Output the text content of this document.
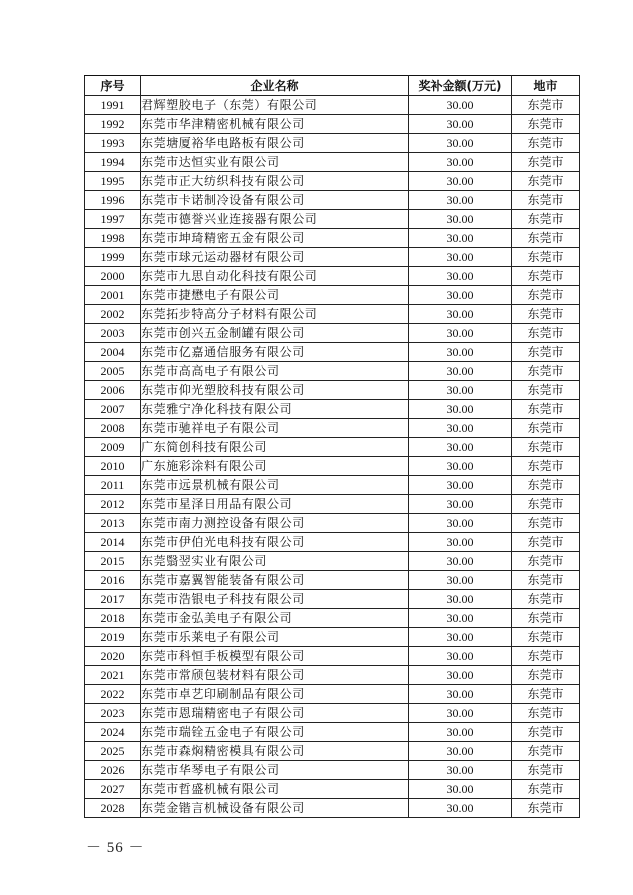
序号	企业名称	奖补金额(万元)	地市
1991	君辉塑胶电子（东莞）有限公司	30.00	东莞市
1992	东莞市华津精密机械有限公司	30.00	东莞市
1993	东莞塘厦裕华电路板有限公司	30.00	东莞市
1994	东莞市达恒实业有限公司	30.00	东莞市
1995	东莞市正大纺织科技有限公司	30.00	东莞市
1996	东莞市卡诺制冷设备有限公司	30.00	东莞市
1997	东莞市德誉兴业连接器有限公司	30.00	东莞市
1998	东莞市坤琦精密五金有限公司	30.00	东莞市
1999	东莞市球元运动器材有限公司	30.00	东莞市
2000	东莞市九思自动化科技有限公司	30.00	东莞市
2001	东莞市捷懋电子有限公司	30.00	东莞市
2002	东莞拓步特高分子材料有限公司	30.00	东莞市
2003	东莞市创兴五金制罐有限公司	30.00	东莞市
2004	东莞市亿嘉通信服务有限公司	30.00	东莞市
2005	东莞市高高电子有限公司	30.00	东莞市
2006	东莞市仰光塑胶科技有限公司	30.00	东莞市
2007	东莞雅宁净化科技有限公司	30.00	东莞市
2008	东莞市驰祥电子有限公司	30.00	东莞市
2009	广东简创科技有限公司	30.00	东莞市
2010	广东施彩涂料有限公司	30.00	东莞市
2011	东莞市远景机械有限公司	30.00	东莞市
2012	东莞市星泽日用品有限公司	30.00	东莞市
2013	东莞市南力测控设备有限公司	30.00	东莞市
2014	东莞市伊伯光电科技有限公司	30.00	东莞市
2015	东莞翳翌实业有限公司	30.00	东莞市
2016	东莞市嘉翼智能装备有限公司	30.00	东莞市
2017	东莞市浩银电子科技有限公司	30.00	东莞市
2018	东莞市金弘美电子有限公司	30.00	东莞市
2019	东莞市乐莱电子有限公司	30.00	东莞市
2020	东莞市科恒手板模型有限公司	30.00	东莞市
2021	东莞市常颀包装材料有限公司	30.00	东莞市
2022	东莞市卓艺印刷制品有限公司	30.00	东莞市
2023	东莞市恩瑞精密电子有限公司	30.00	东莞市
2024	东莞市瑞铨五金电子有限公司	30.00	东莞市
2025	东莞市森焖精密模具有限公司	30.00	东莞市
2026	东莞市华琴电子有限公司	30.00	东莞市
2027	东莞市哲盛机械有限公司	30.00	东莞市
2028	东莞金锴言机械设备有限公司	30.00	东莞市
－ 56 －
